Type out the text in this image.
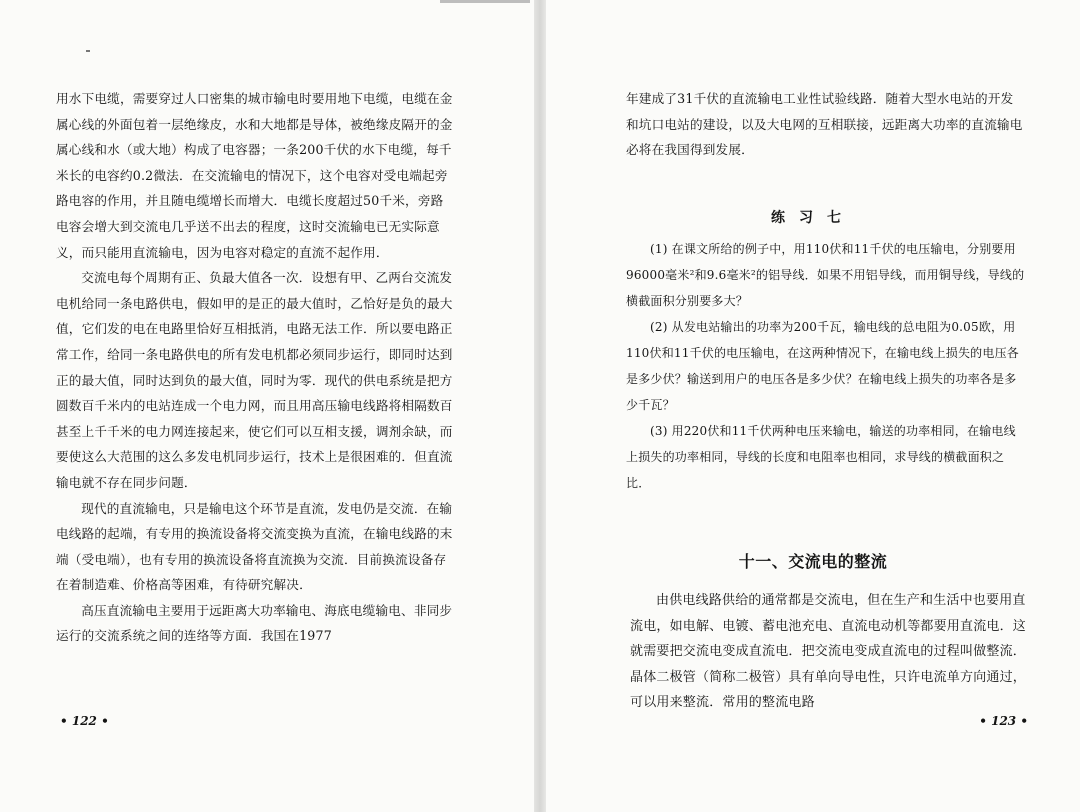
用水下电缆，需要穿过人口密集的城市输电时要用地下电缆，电缆在金属心线的外面包着一层绝缘皮，水和大地都是导体，被绝缘皮隔开的金属心线和水（或大地）构成了电容器；一条200千伏的水下电缆，每千米长的电容约0.2微法．在交流输电的情况下，这个电容对受电端起旁路电容的作用，并且随电缆增长而增大．电缆长度超过50千米，旁路电容会增大到交流电几乎送不出去的程度，这时交流输电已无实际意义，而只能用直流输电，因为电容对稳定的直流不起作用．

交流电每个周期有正、负最大值各一次．设想有甲、乙两台交流发电机给同一条电路供电，假如甲的是正的最大值时，乙恰好是负的最大值，它们发的电在电路里恰好互相抵消，电路无法工作．所以要电路正常工作，给同一条电路供电的所有发电机都必须同步运行，即同时达到正的最大值，同时达到负的最大值，同时为零．现代的供电系统是把方圆数百千米内的电站连成一个电力网，而且用高压输电线路将相隔数百甚至上千千米的电力网连接起来，使它们可以互相支援，调剂余缺，而要使这么大范围的这么多发电机同步运行，技术上是很困难的．但直流输电就不存在同步问题．

现代的直流输电，只是输电这个环节是直流，发电仍是交流．在输电线路的起端，有专用的换流设备将交流变换为直流，在输电线路的末端（受电端），也有专用的换流设备将直流换为交流．目前换流设备存在着制造难、价格高等困难，有待研究解决．

高压直流输电主要用于远距离大功率输电、海底电缆输电、非同步运行的交流系统之间的连络等方面．我国在1977

• 122 •

年建成了31千伏的直流输电工业性试验线路．随着大型水电站的开发和坑口电站的建设，以及大电网的互相联接，远距离大功率的直流输电必将在我国得到发展．

练习七

(1) 在课文所给的例子中，用110伏和11千伏的电压输电，分别要用96000毫米²和9.6毫米²的铝导线．如果不用铝导线，而用铜导线，导线的横截面积分别要多大？

(2) 从发电站输出的功率为200千瓦，输电线的总电阻为0.05欧，用110伏和11千伏的电压输电，在这两种情况下，在输电线上损失的电压各是多少伏？输送到用户的电压各是多少伏？在输电线上损失的功率各是多少千瓦？

(3) 用220伏和11千伏两种电压来输电，输送的功率相同，在输电线上损失的功率相同，导线的长度和电阻率也相同，求导线的横截面积之比．

十一、交流电的整流

由供电线路供给的通常都是交流电，但在生产和生活中也要用直流电，如电解、电镀、蓄电池充电、直流电动机等都要用直流电．这就需要把交流电变成直流电．把交流电变成直流电的过程叫做整流．晶体二极管（简称二极管）具有单向导电性，只许电流单方向通过，可以用来整流．常用的整流电路

• 123 •
